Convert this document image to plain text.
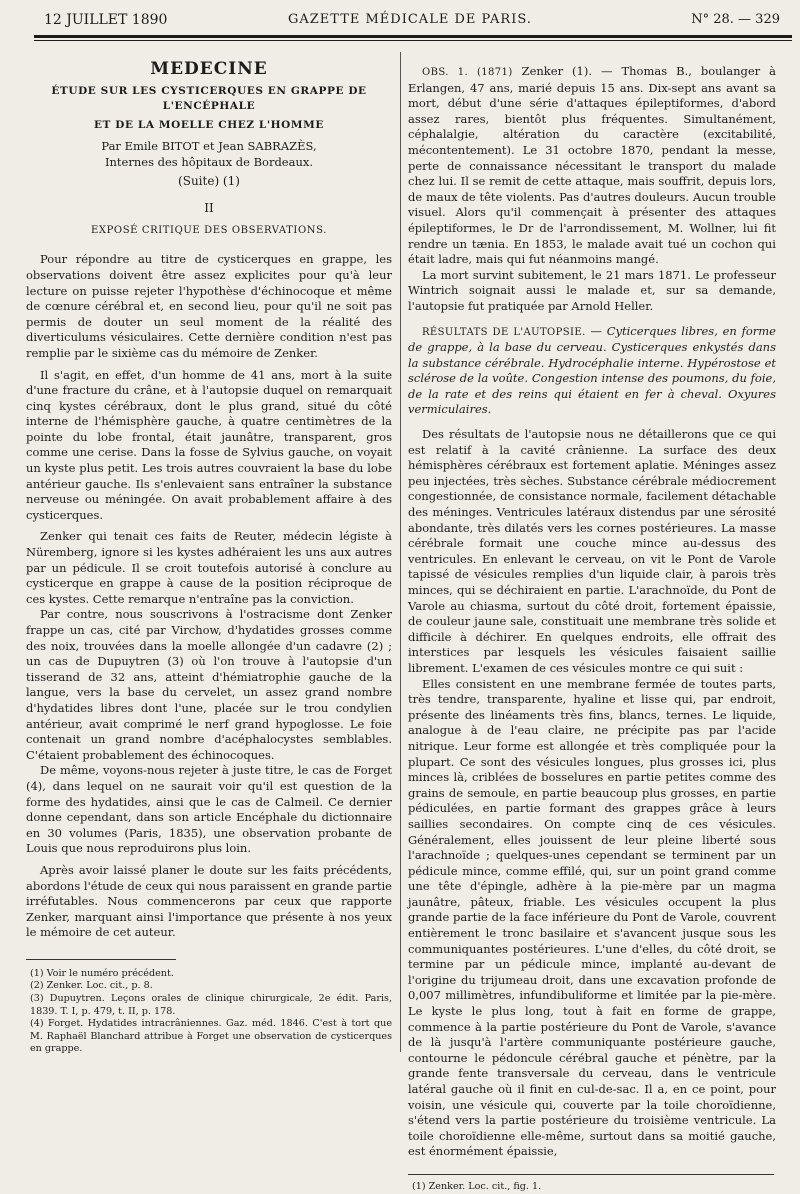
12 JUILLET 1890	GAZETTE MÉDICALE DE PARIS.	N° 28. — 329
MEDECINE
ÉTUDE SUR LES CYSTICERQUES EN GRAPPE DE L'ENCÉPHALE
ET DE LA MOELLE CHEZ L'HOMME
Par Emile BITOT et Jean SABRAZÈS,
Internes des hôpitaux de Bordeaux.
(Suite) (1)
II
EXPOSÉ CRITIQUE DES OBSERVATIONS.

Pour répondre au titre de cysticerques en grappe, les observations doivent être assez explicites pour qu'à leur lecture on puisse rejeter l'hypothèse d'échinocoque et même de cœnure cérébral et, en second lieu, pour qu'il ne soit pas permis de douter un seul moment de la réalité des diverticulums vésiculaires. Cette dernière condition n'est pas remplie par le sixième cas du mémoire de Zenker.

Il s'agit, en effet, d'un homme de 41 ans, mort à la suite d'une fracture du crâne, et à l'autopsie duquel on remarquait cinq kystes cérébraux, dont le plus grand, situé du côté interne de l'hémisphère gauche, à quatre centimètres de la pointe du lobe frontal, était jaunâtre, transparent, gros comme une cerise. Dans la fosse de Sylvius gauche, on voyait un kyste plus petit. Les trois autres couvraient la base du lobe antérieur gauche. Ils s'enlevaient sans entraîner la substance nerveuse ou méningée. On avait probablement affaire à des cysticerques.

Zenker qui tenait ces faits de Reuter, médecin légiste à Nüremberg, ignore si les kystes adhéraient les uns aux autres par un pédicule. Il se croit toutefois autorisé à conclure au cysticerque en grappe à cause de la position réciproque de ces kystes. Cette remarque n'entraîne pas la conviction.

Par contre, nous souscrivons à l'ostracisme dont Zenker frappe un cas, cité par Virchow, d'hydatides grosses comme des noix, trouvées dans la moelle allongée d'un cadavre (2) ; un cas de Dupuytren (3) où l'on trouve à l'autopsie d'un tisserand de 32 ans, atteint d'hémiatrophie gauche de la langue, vers la base du cervelet, un assez grand nombre d'hydatides libres dont l'une, placée sur le trou condylien antérieur, avait comprimé le nerf grand hypoglosse. Le foie contenait un grand nombre d'acéphalocystes semblables. C'étaient probablement des échinocoques.

De même, voyons-nous rejeter à juste titre, le cas de Forget (4), dans lequel on ne saurait voir qu'il est question de la forme des hydatides, ainsi que le cas de Calmeil. Ce dernier donne cependant, dans son article Encéphale du dictionnaire en 30 volumes (Paris, 1835), une observation probante de Louis que nous reproduirons plus loin.

Après avoir laissé planer le doute sur les faits précédents, abordons l'étude de ceux qui nous paraissent en grande partie irréfutables. Nous commencerons par ceux que rapporte Zenker, marquant ainsi l'importance que présente à nos yeux le mémoire de cet auteur.

(1) Voir le numéro précédent.

(2) Zenker. Loc. cit., p. 8.

(3) Dupuytren. Leçons orales de clinique chirurgicale, 2e édit. Paris, 1839. T. I, p. 479, t. II, p. 178.

(4) Forget. Hydatides intracrâniennes. Gaz. méd. 1846. C'est à tort que M. Raphaël Blanchard attribue à Forget une observation de cysticerques en grappe.

OBS. 1. (1871) Zenker (1). — Thomas B., boulanger à Erlangen, 47 ans, marié depuis 15 ans. Dix-sept ans avant sa mort, début d'une série d'attaques épileptiformes, d'abord assez rares, bientôt plus fréquentes. Simultanément, céphalalgie, altération du caractère (excitabilité, mécontentement). Le 31 octobre 1870, pendant la messe, perte de connaissance nécessitant le transport du malade chez lui. Il se remit de cette attaque, mais souffrit, depuis lors, de maux de tête violents. Pas d'autres douleurs. Aucun trouble visuel. Alors qu'il commençait à présenter des attaques épileptiformes, le Dr de l'arrondissement, M. Wollner, lui fit rendre un tænia. En 1853, le malade avait tué un cochon qui était ladre, mais qui fut néanmoins mangé.

La mort survint subitement, le 21 mars 1871. Le professeur Wintrich soignait aussi le malade et, sur sa demande, l'autopsie fut pratiquée par Arnold Heller.

RÉSULTATS DE L'AUTOPSIE. — Cyticerques libres, en forme de grappe, à la base du cerveau. Cysticerques enkystés dans la substance cérébrale. Hydrocéphalie interne. Hypérostose et sclérose de la voûte. Congestion intense des poumons, du foie, de la rate et des reins qui étaient en fer à cheval. Oxyures vermiculaires.

Des résultats de l'autopsie nous ne détaillerons que ce qui est relatif à la cavité crânienne. La surface des deux hémisphères cérébraux est fortement aplatie. Méninges assez peu injectées, très sèches. Substance cérébrale médiocrement congestionnée, de consistance normale, facilement détachable des méninges. Ventricules latéraux distendus par une sérosité abondante, très dilatés vers les cornes postérieures. La masse cérébrale formait une couche mince au-dessus des ventricules. En enlevant le cerveau, on vit le Pont de Varole tapissé de vésicules remplies d'un liquide clair, à parois très minces, qui se déchiraient en partie. L'arachnoïde, du Pont de Varole au chiasma, surtout du côté droit, fortement épaissie, de couleur jaune sale, constituait une membrane très solide et difficile à déchirer. En quelques endroits, elle offrait des interstices par lesquels les vésicules faisaient saillie librement. L'examen de ces vésicules montre ce qui suit :

Elles consistent en une membrane fermée de toutes parts, très tendre, transparente, hyaline et lisse qui, par endroit, présente des linéaments très fins, blancs, ternes. Le liquide, analogue à de l'eau claire, ne précipite pas par l'acide nitrique. Leur forme est allongée et très compliquée pour la plupart. Ce sont des vésicules longues, plus grosses ici, plus minces là, criblées de bosselures en partie petites comme des grains de semoule, en partie beaucoup plus grosses, en partie pédiculées, en partie formant des grappes grâce à leurs saillies secondaires. On compte cinq de ces vésicules. Généralement, elles jouissent de leur pleine liberté sous l'arachnoïde ; quelques-unes cependant se terminent par un pédicule mince, comme effilé, qui, sur un point grand comme une tête d'épingle, adhère à la pie-mère par un magma jaunâtre, pâteux, friable. Les vésicules occupent la plus grande partie de la face inférieure du Pont de Varole, couvrent entièrement le tronc basilaire et s'avancent jusque sous les communiquantes postérieures. L'une d'elles, du côté droit, se termine par un pédicule mince, implanté au-devant de l'origine du trijumeau droit, dans une excavation profonde de 0,007 millimètres, infundibuliforme et limitée par la pie-mère. Le kyste le plus long, tout à fait en forme de grappe, commence à la partie postérieure du Pont de Varole, s'avance de là jusqu'à l'artère communiquante postérieure gauche, contourne le pédoncule cérébral gauche et pénètre, par la grande fente transversale du cerveau, dans le ventricule latéral gauche où il finit en cul-de-sac. Il a, en ce point, pour voisin, une vésicule qui, couverte par la toile choroïdienne, s'étend vers la partie postérieure du troisième ventricule. La toile choroïdienne elle-même, surtout dans sa moitié gauche, est énormément épaissie,

(1) Zenker. Loc. cit., fig. 1.
